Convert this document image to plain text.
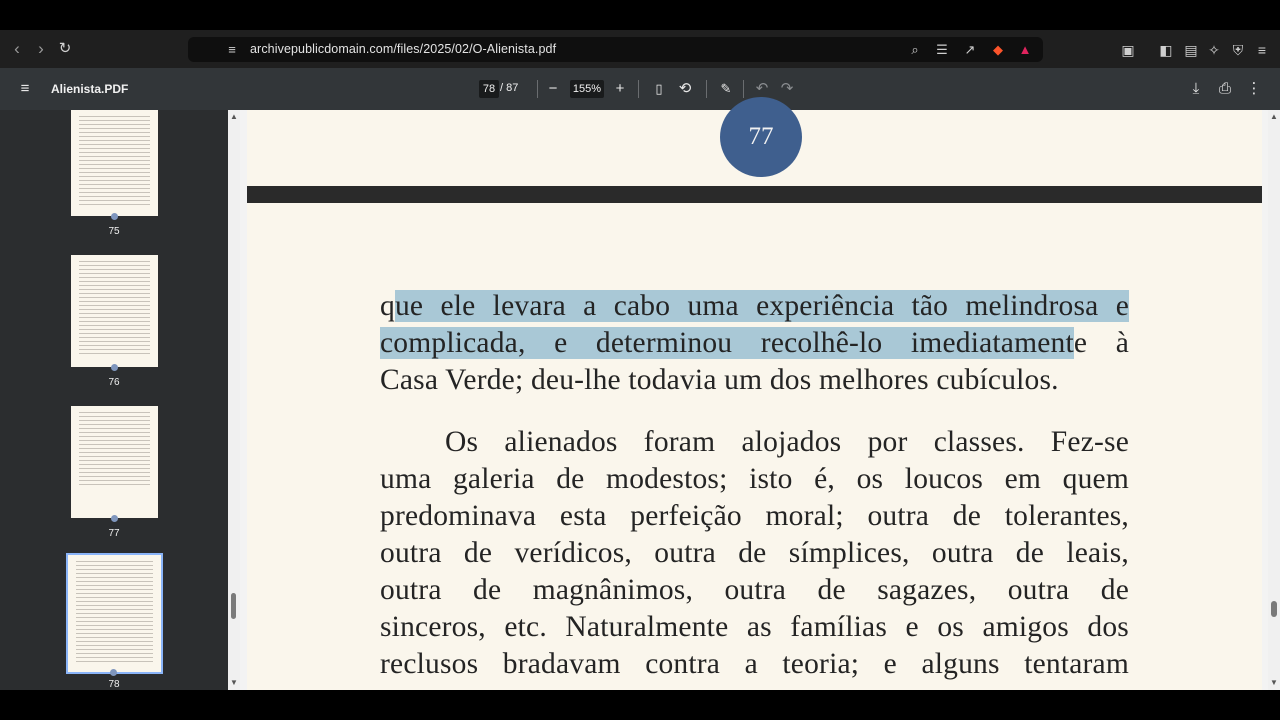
‹	› ↻	≡	archivepublicdomain.com/files/2025/02/O-Alienista.pdf	⌕	☰ ↗	◆	▲	▣ ◧ ▤ ✧ ⛨	≡
≡	Alienista.PDF	78 / 87	−	155% +	▯	⟲ ✎ ↶ ↷	⤓	⎙ ⋮
75
76
77
78
▲
▼
77
que ele levara a cabo uma experiência tão melindrosa e
complicada, e determinou recolhê-lo imediatamente à
Casa Verde; deu-lhe todavia um dos melhores cubículos.
Os alienados foram alojados por classes. Fez-se
uma galeria de modestos; isto é, os loucos em quem
predominava esta perfeição moral; outra de tolerantes,
outra de verídicos, outra de símplices, outra de leais,
outra de magnânimos, outra de sagazes, outra de
sinceros, etc. Naturalmente as famílias e os amigos dos
reclusos bradavam contra a teoria; e alguns tentaram
▲
▼
